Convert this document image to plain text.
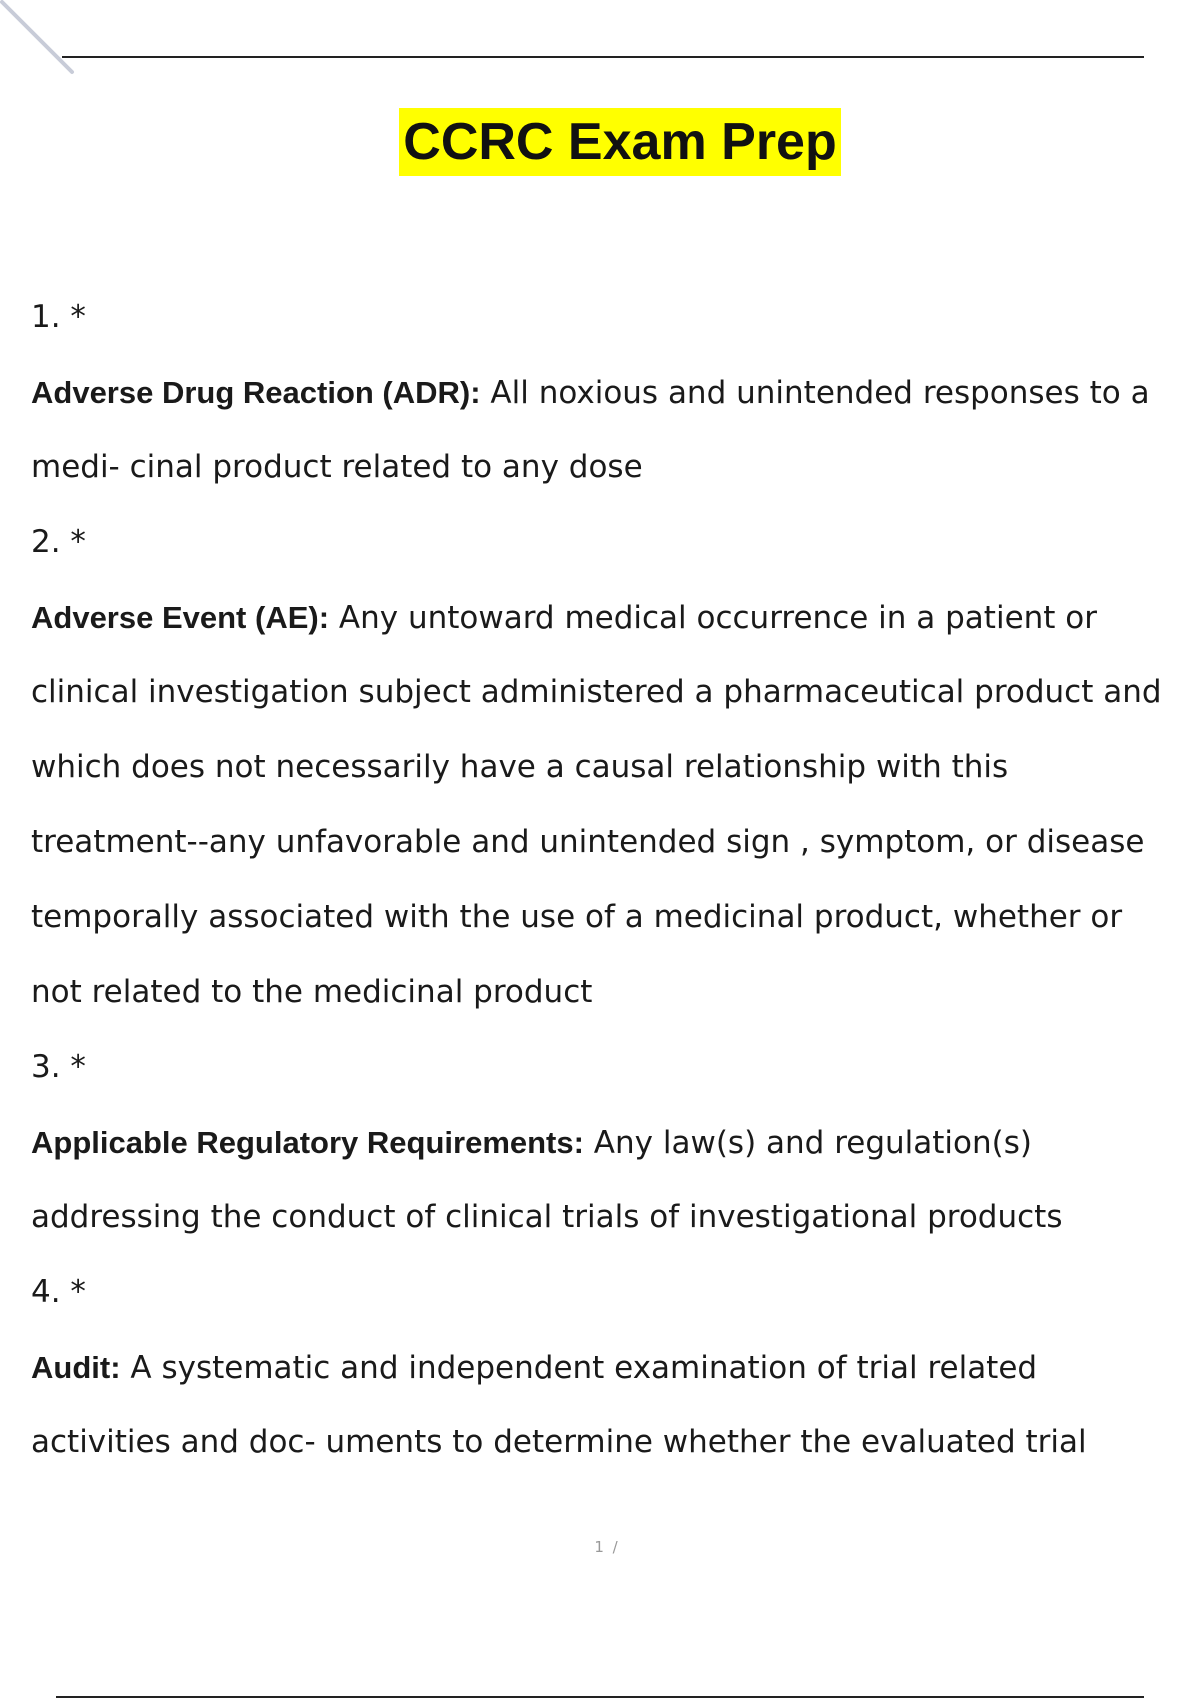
CCRC Exam Prep
1. *
Adverse Drug Reaction (ADR): All noxious and unintended responses to a
medi- cinal product related to any dose
2. *
Adverse Event (AE): Any untoward medical occurrence in a patient or
clinical investigation subject administered a pharmaceutical product and
which does not necessarily have a causal relationship with this
treatment--any unfavorable and unintended sign , symptom, or disease
temporally associated with the use of a medicinal product, whether or
not related to the medicinal product
3. *
Applicable Regulatory Requirements: Any law(s) and regulation(s)
addressing the conduct of clinical trials of investigational products
4. *
Audit: A systematic and independent examination of trial related
activities and doc- uments to determine whether the evaluated trial
1 /
